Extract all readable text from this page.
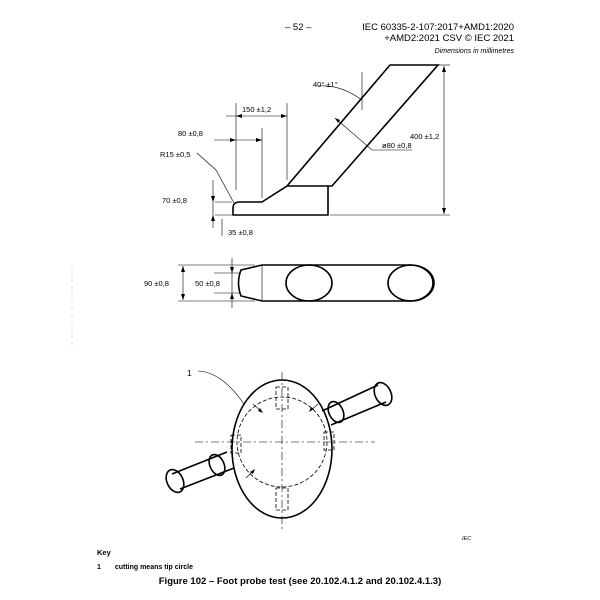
– 52 –	IEC 60335-2-107:2017+AMD1:2020
+AMD2:2021 CSV © IEC 2021
Dimensions in millimetres
400 ±1,2
40° ±1°
150 ±1,2
80 ±0,8
R15 ±0,5
ø80 ±0,8
70 ±0,8
35 ±0,8
90 ±0,8	50 ±0,8
1
IEC
Key
1 cutting means tip circle
Figure 102 – Foot probe test (see 20.102.4.1.2 and 20.102.4.1.3)
